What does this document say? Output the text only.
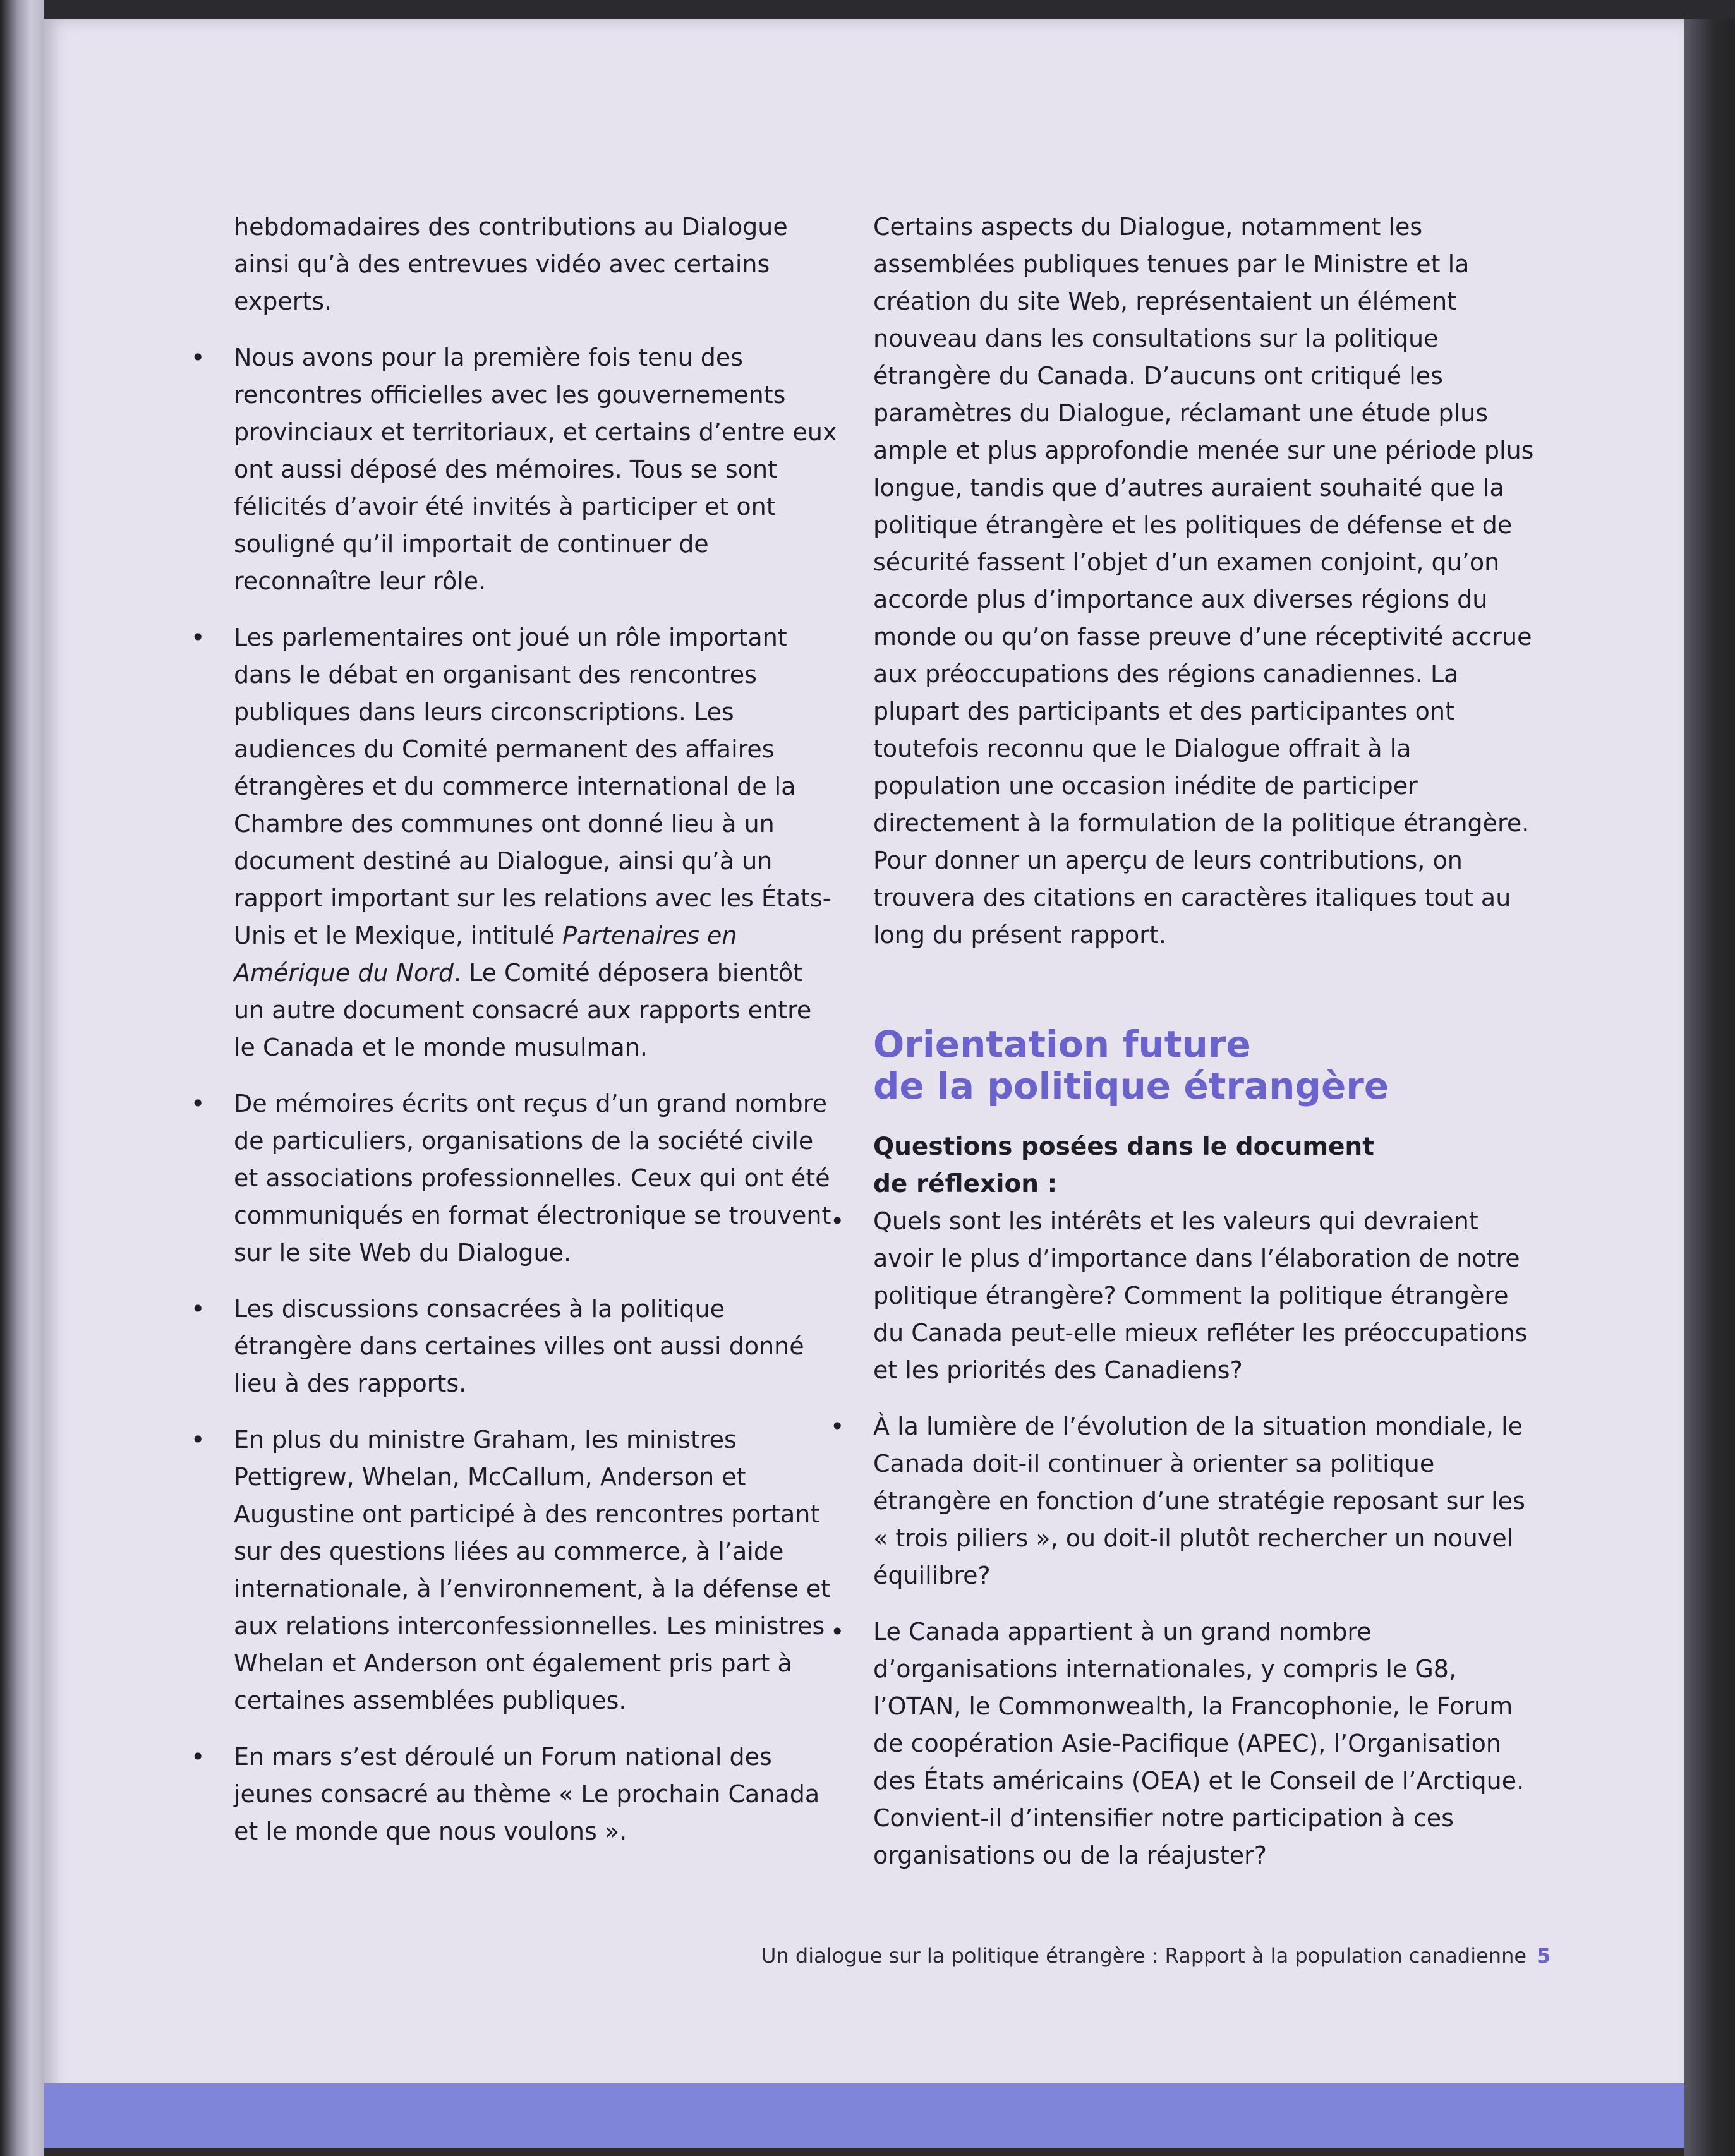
hebdomadaires des contributions au Dialogue ainsi qu’à des entrevues vidéo avec certains experts.

• Nous avons pour la première fois tenu des rencontres officielles avec les gouvernements provinciaux et territoriaux, et certains d’entre eux ont aussi déposé des mémoires. Tous se sont félicités d’avoir été invités à participer et ont souligné qu’il importait de continuer de reconnaître leur rôle.
• Les parlementaires ont joué un rôle important dans le débat en organisant des rencontres publiques dans leurs circonscriptions. Les audiences du Comité permanent des affaires étrangères et du commerce international de la Chambre des communes ont donné lieu à un document destiné au Dialogue, ainsi qu’à un rapport important sur les relations avec les États-Unis et le Mexique, intitulé Partenaires en Amérique du Nord. Le Comité déposera bientôt un autre document consacré aux rapports entre le Canada et le monde musulman.
• De mémoires écrits ont reçus d’un grand nombre de particuliers, organisations de la société civile et associations professionnelles. Ceux qui ont été communiqués en format électronique se trouvent sur le site Web du Dialogue.
• Les discussions consacrées à la politique étrangère dans certaines villes ont aussi donné lieu à des rapports.
• En plus du ministre Graham, les ministres Pettigrew, Whelan, McCallum, Anderson et Augustine ont participé à des rencontres portant sur des questions liées au commerce, à l’aide internationale, à l’environnement, à la défense et aux relations interconfessionnelles. Les ministres Whelan et Anderson ont également pris part à certaines assemblées publiques.
• En mars s’est déroulé un Forum national des jeunes consacré au thème « Le prochain Canada et le monde que nous voulons ».

Certains aspects du Dialogue, notamment les assemblées publiques tenues par le Ministre et la création du site Web, représentaient un élément nouveau dans les consultations sur la politique étrangère du Canada. D’aucuns ont critiqué les paramètres du Dialogue, réclamant une étude plus ample et plus approfondie menée sur une période plus longue, tandis que d’autres auraient souhaité que la politique étrangère et les politiques de défense et de sécurité fassent l’objet d’un examen conjoint, qu’on accorde plus d’importance aux diverses régions du monde ou qu’on fasse preuve d’une réceptivité accrue aux préoccupations des régions canadiennes. La plupart des participants et des participantes ont toutefois reconnu que le Dialogue offrait à la population une occasion inédite de participer directement à la formulation de la politique étrangère. Pour donner un aperçu de leurs contributions, on trouvera des citations en caractères italiques tout au long du présent rapport.

Orientation future
de la politique étrangère
Questions posées dans le document
de réflexion :
• Quels sont les intérêts et les valeurs qui devraient avoir le plus d’importance dans l’élaboration de notre politique étrangère? Comment la politique étrangère du Canada peut-elle mieux refléter les préoccupations et les priorités des Canadiens?
• À la lumière de l’évolution de la situation mondiale, le Canada doit-il continuer à orienter sa politique étrangère en fonction d’une stratégie reposant sur les « trois piliers », ou doit-il plutôt rechercher un nouvel équilibre?
• Le Canada appartient à un grand nombre d’organisations internationales, y compris le G8, l’OTAN, le Commonwealth, la Francophonie, le Forum de coopération Asie-Pacifique (APEC), l’Organisation des États américains (OEA) et le Conseil de l’Arctique. Convient-il d’intensifier notre participation à ces organisations ou de la réajuster?
Un dialogue sur la politique étrangère : Rapport à la population canadienne 5
